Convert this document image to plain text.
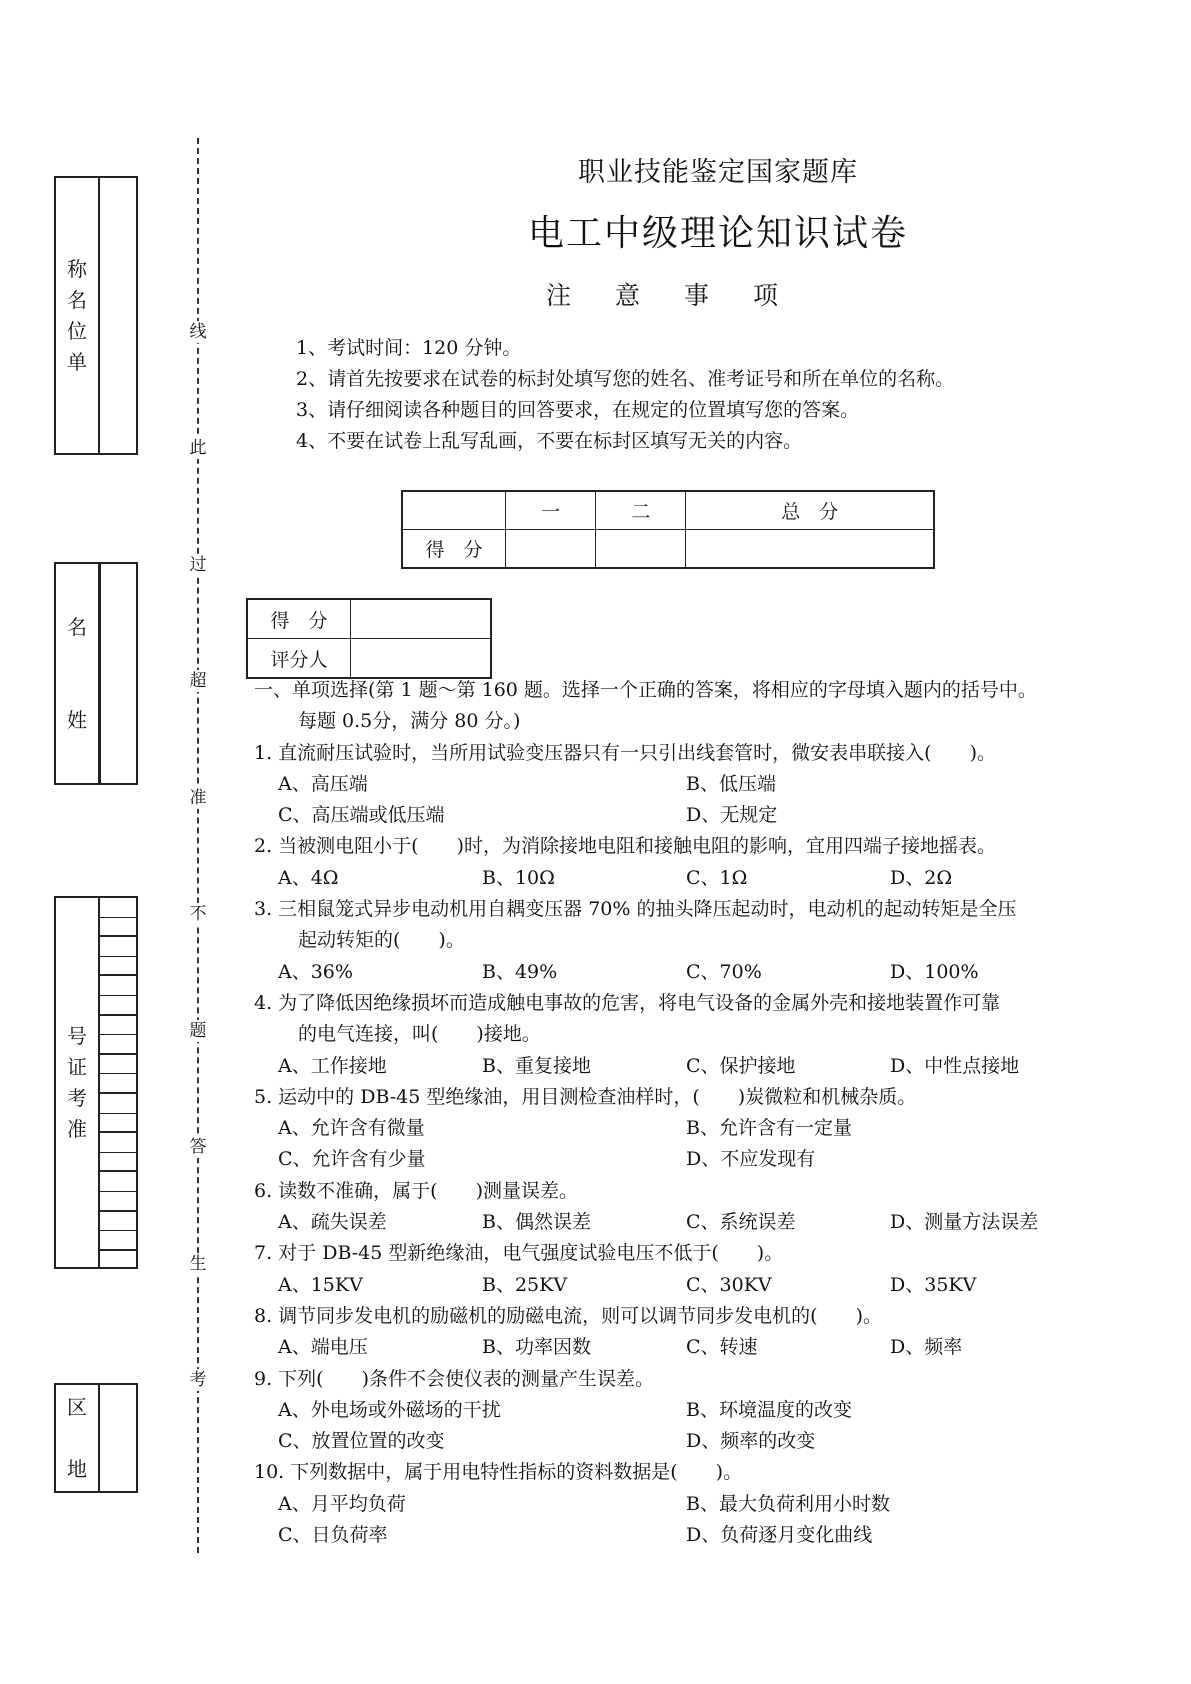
称
名
位
单
名

姓
号
证
考
准
区

地
线
此
过
超
准
不
题
答
生
考
职业技能鉴定国家题库
电工中级理论知识试卷
注意事项
1、考试时间：120 分钟。
2、请首先按要求在试卷的标封处填写您的姓名、准考证号和所在单位的名称。
3、请仔细阅读各种题目的回答要求，在规定的位置填写您的答案。
4、不要在试卷上乱写乱画，不要在标封区填写无关的内容。
	一	二	总　分
得　分			
得　分	
评分人	
一、单项选择(第 1 题～第 160 题。选择一个正确的答案，将相应的字母填入题内的括号中。
每题 0.5分，满分 80 分。)
1. 直流耐压试验时，当所用试验变压器只有一只引出线套管时，微安表串联接入(　　)。
A、高压端	B、低压端
C、高压端或低压端	D、无规定
2. 当被测电阻小于(　　)时，为消除接地电阻和接触电阻的影响，宜用四端子接地摇表。
A、4Ω	B、10Ω	C、1Ω	D、2Ω
3. 三相鼠笼式异步电动机用自耦变压器 70% 的抽头降压起动时，电动机的起动转矩是全压
起动转矩的(　　)。
A、36%	B、49%	C、70%	D、100%
4. 为了降低因绝缘损坏而造成触电事故的危害，将电气设备的金属外壳和接地装置作可靠
的电气连接，叫(　　)接地。
A、工作接地	B、重复接地	C、保护接地	D、中性点接地
5. 运动中的 DB-45 型绝缘油，用目测检查油样时，(　　)炭微粒和机械杂质。
A、允许含有微量	B、允许含有一定量
C、允许含有少量	D、不应发现有
6. 读数不准确，属于(　　)测量误差。
A、疏失误差	B、偶然误差	C、系统误差	D、测量方法误差
7. 对于 DB-45 型新绝缘油，电气强度试验电压不低于(　　)。
A、15KV	B、25KV	C、30KV	D、35KV
8. 调节同步发电机的励磁机的励磁电流，则可以调节同步发电机的(　　)。
A、端电压	B、功率因数	C、转速	D、频率
9. 下列(　　)条件不会使仪表的测量产生误差。
A、外电场或外磁场的干扰	B、环境温度的改变
C、放置位置的改变	D、频率的改变
10. 下列数据中，属于用电特性指标的资料数据是(　　)。
A、月平均负荷	B、最大负荷利用小时数
C、日负荷率	D、负荷逐月变化曲线
